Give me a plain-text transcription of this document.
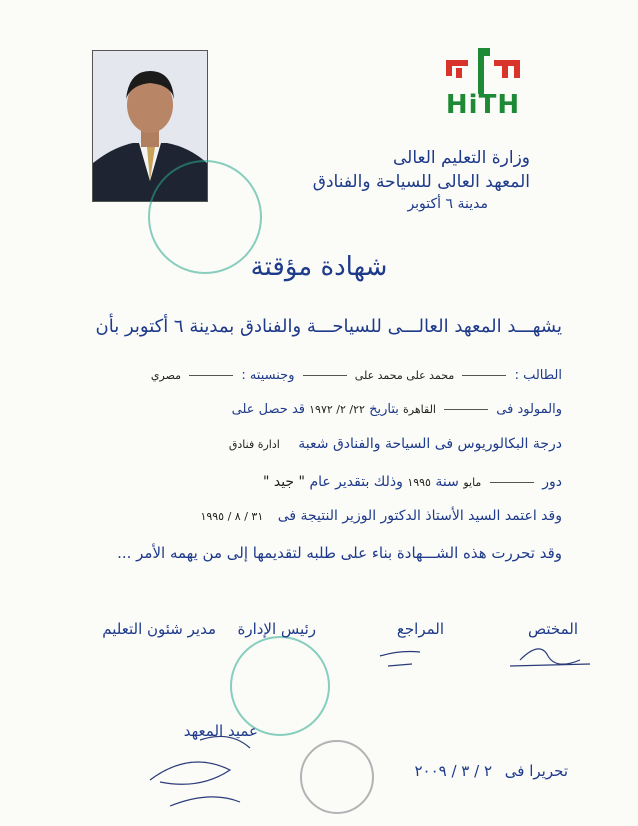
HiTH
وزارة التعليم العالى
المعهد العالى للسياحة والفنادق
مدينة ٦ أكتوبر
شهادة مؤقتة
يشهـــد المعهد العالـــى للسياحـــة والفنادق بمدينة ٦ أكتوبر بأن
الطالب :  محمد على محمد على  وجنسيته :  مصري
والمولود فى  القاهرة بتاريخ ٢٢/ ٢/ ١٩٧٢ قد حصل على
درجة البكالوريوس فى السياحة والفنادق شعبة ادارة فنادق
دور  مايو سنة ١٩٩٥ وذلك بتقدير عام " جيد "
وقد اعتمد السيد الأستاذ الدكتور الوزير النتيجة فى ٣١ / ٨ / ١٩٩٥
وقد تحررت هذه الشـــهادة بناء على طلبه لتقديمها إلى من يهمه الأمر ...
المختص
المراجع
رئيس الإدارة
مدير شئون التعليم
عميد المعهد
تحريرا فى ٢ / ٣ / ٢٠٠٩
